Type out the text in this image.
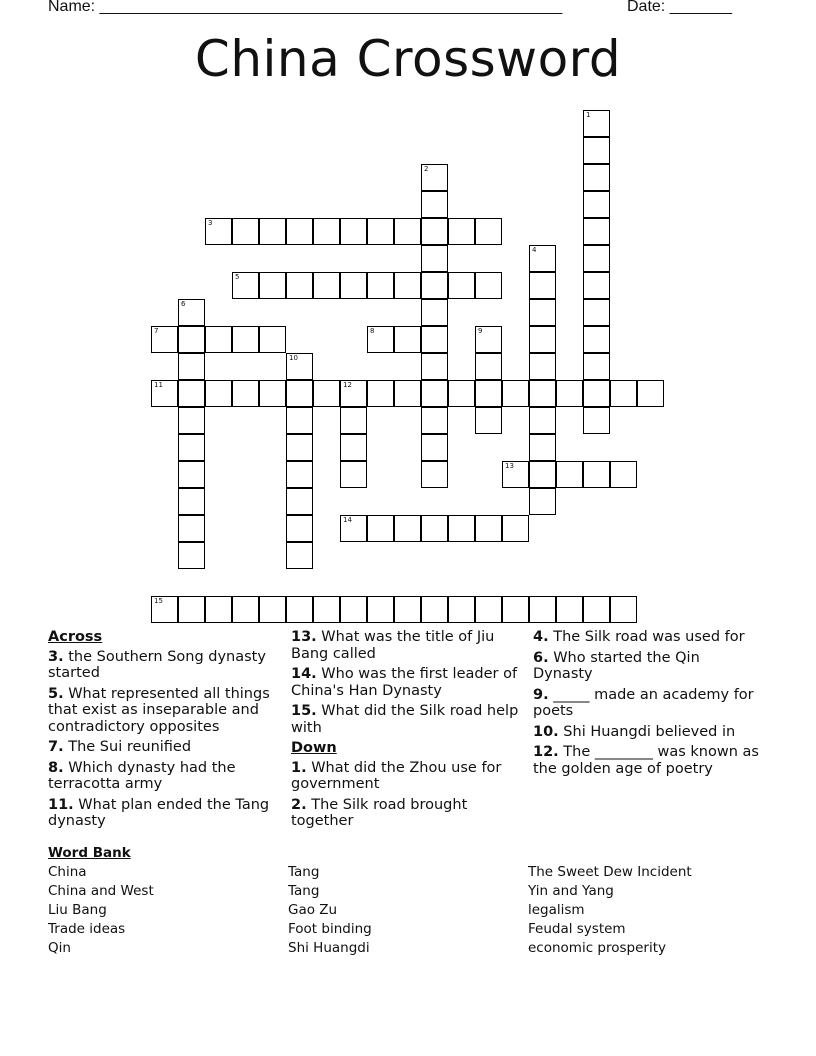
Name: ____________________________________________________	Date: _______
China Crossword
1
2
3
4
5
6
7	8	9
10
11	12
13
14
15
Across
3. the Southern Song dynasty started
5. What represented all things that exist as inseparable and contradictory opposites
7. The Sui reunified
8. Which dynasty had the terracotta army
11. What plan ended the Tang dynasty
13. What was the title of Jiu Bang called
14. Who was the first leader of China's Han Dynasty
15. What did the Silk road help with
Down
1. What did the Zhou use for government
2. The Silk road brought together
4. The Silk road was used for
6. Who started the Qin Dynasty
9. _____ made an academy for poets
10. Shi Huangdi believed in
12. The ________ was known as the golden age of poetry
Word Bank
China
China and West
Liu Bang
Trade ideas
Qin
Tang
Tang
Gao Zu
Foot binding
Shi Huangdi
The Sweet Dew Incident
Yin and Yang
legalism
Feudal system
economic prosperity
